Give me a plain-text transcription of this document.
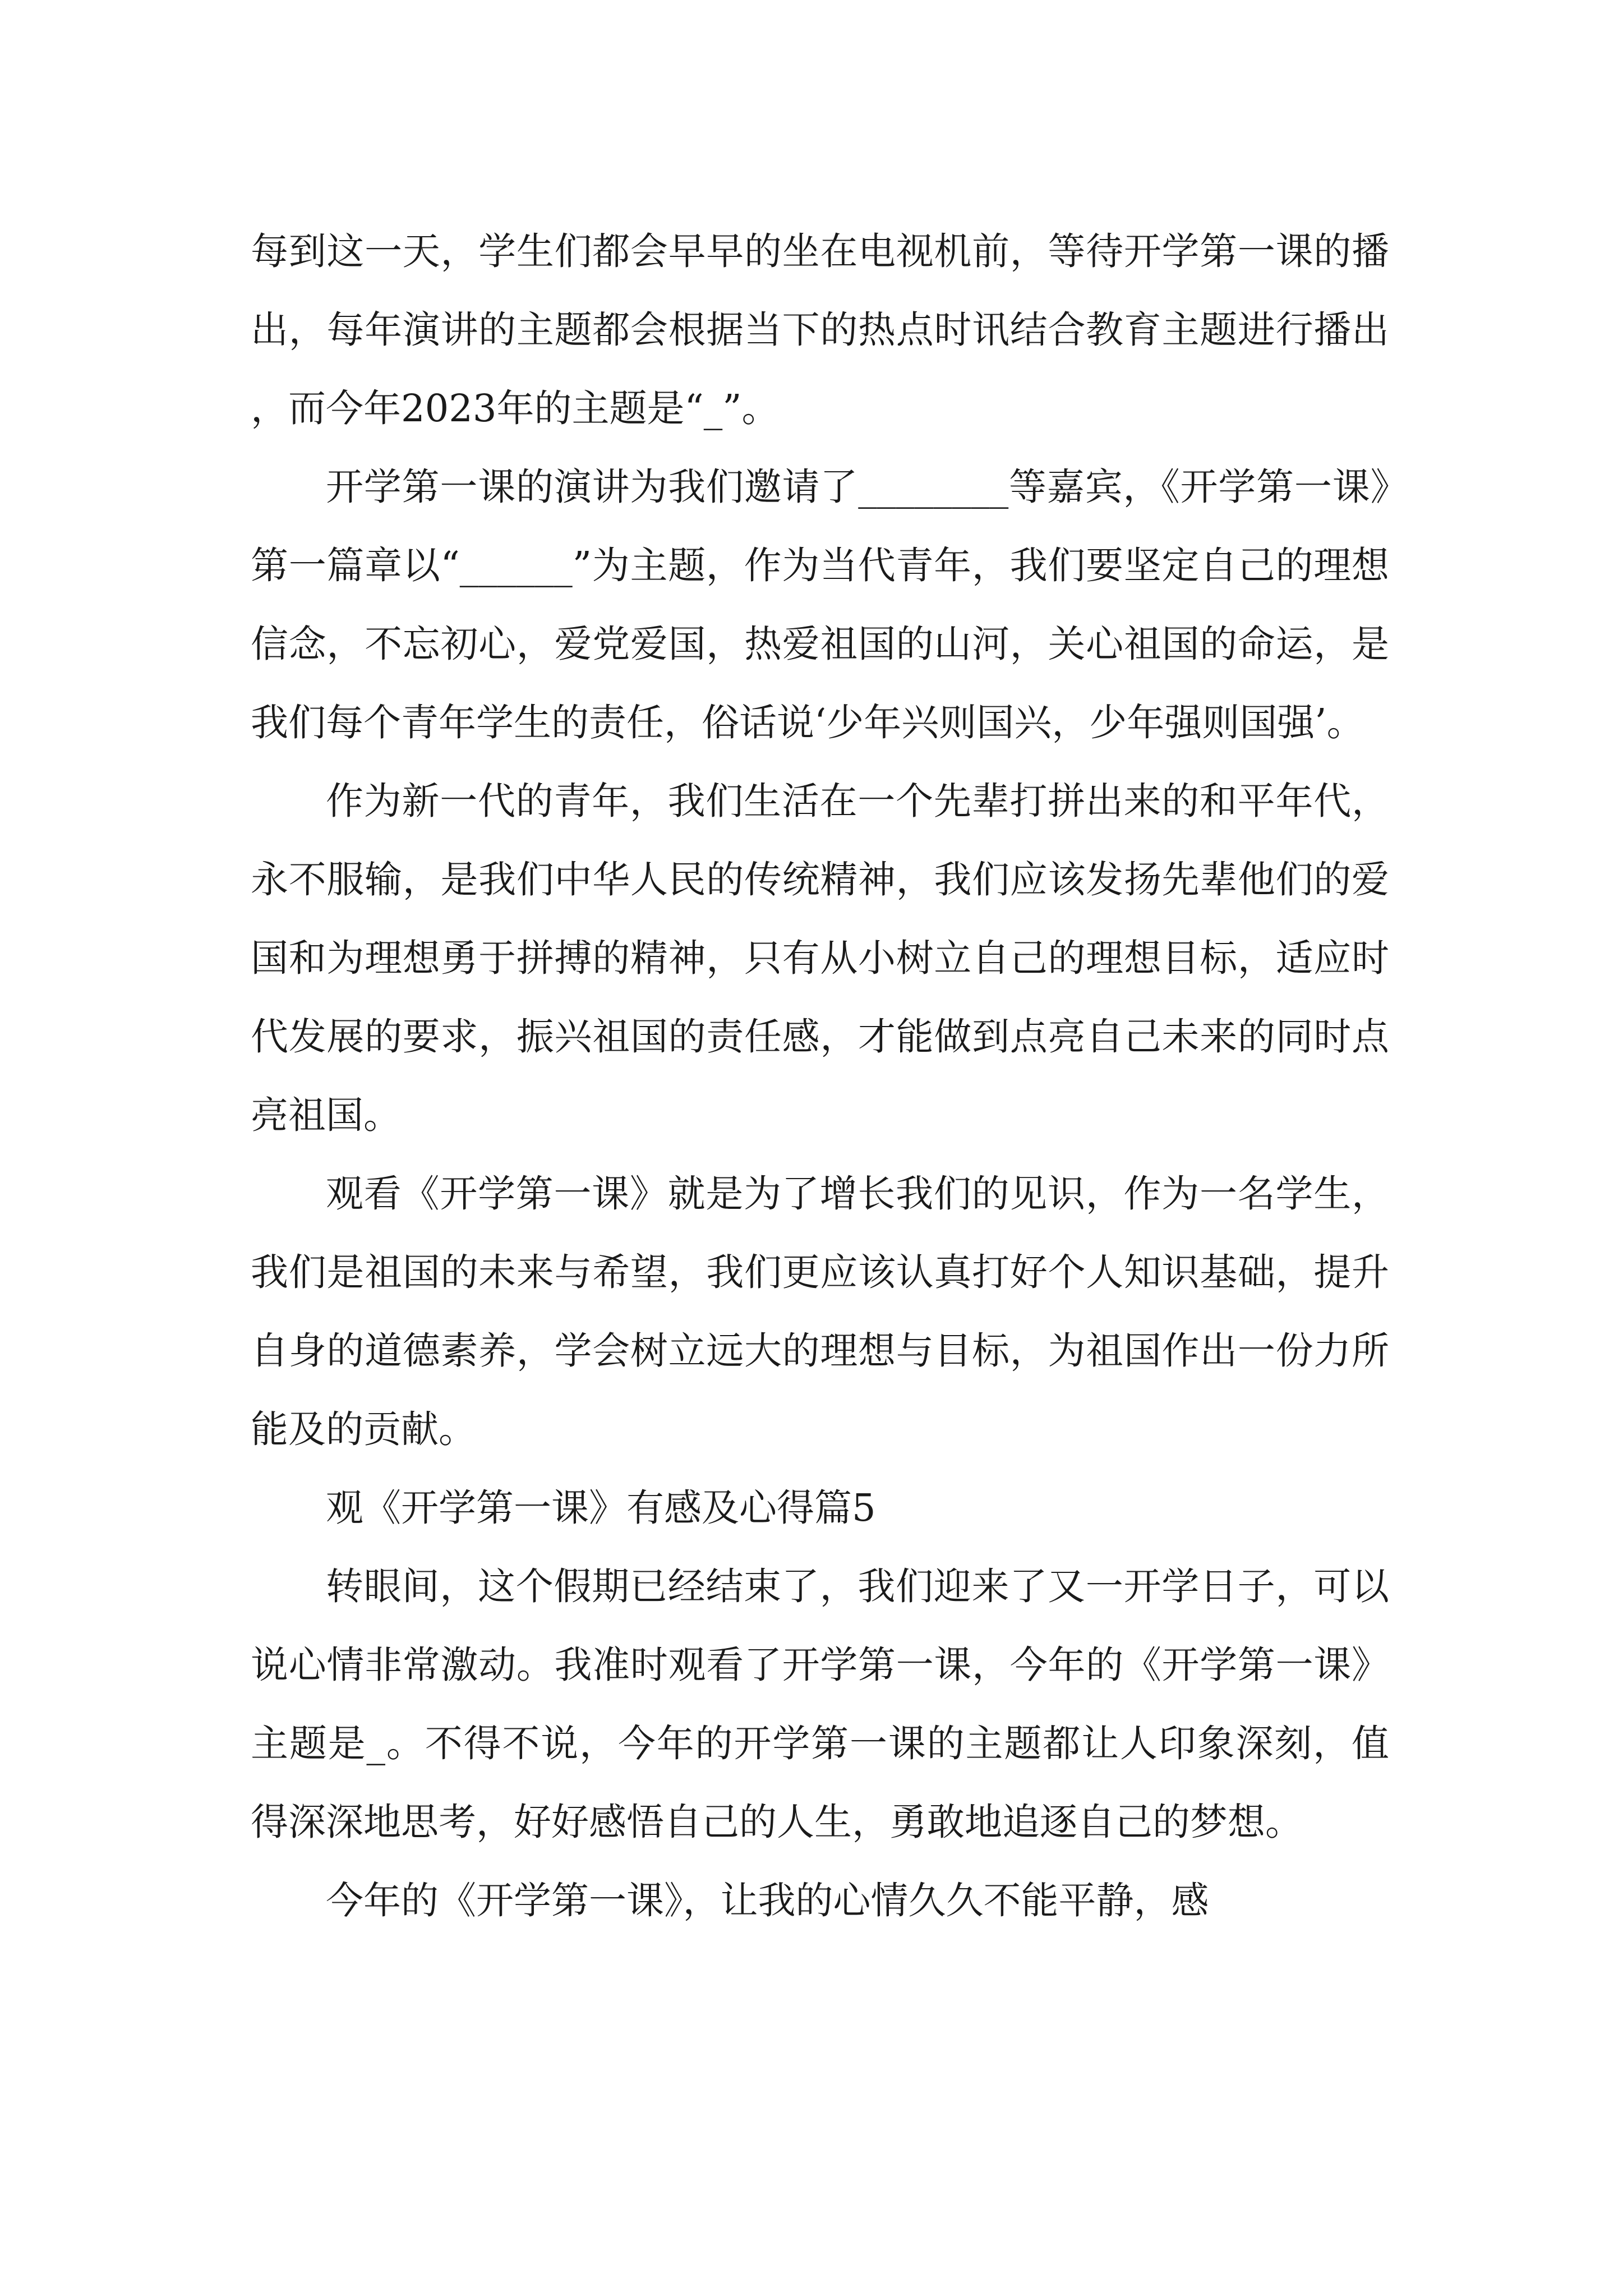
每到这一天，学生们都会早早的坐在电视机前，等待开学第一课的播出，每年演讲的主题都会根据当下的热点时讯结合教育主题进行播出，而今年2023年的主题是“_”。

开学第一课的演讲为我们邀请了________等嘉宾，《开学第一课》第一篇章以“______”为主题，作为当代青年，我们要坚定自己的理想信念，不忘初心，爱党爱国，热爱祖国的山河，关心祖国的命运，是我们每个青年学生的责任，俗话说‘少年兴则国兴，少年强则国强’。

作为新一代的青年，我们生活在一个先辈打拼出来的和平年代，永不服输，是我们中华人民的传统精神，我们应该发扬先辈他们的爱国和为理想勇于拼搏的精神，只有从小树立自己的理想目标，适应时代发展的要求，振兴祖国的责任感，才能做到点亮自己未来的同时点亮祖国。

观看《开学第一课》就是为了增长我们的见识，作为一名学生，我们是祖国的未来与希望，我们更应该认真打好个人知识基础，提升自身的道德素养，学会树立远大的理想与目标，为祖国作出一份力所能及的贡献。

观《开学第一课》有感及心得篇5

转眼间，这个假期已经结束了，我们迎来了又一开学日子，可以说心情非常激动。我准时观看了开学第一课，今年的《开学第一课》主题是_。不得不说，今年的开学第一课的主题都让人印象深刻，值得深深地思考，好好感悟自己的人生，勇敢地追逐自己的梦想。

今年的《开学第一课》，让我的心情久久不能平静，感
